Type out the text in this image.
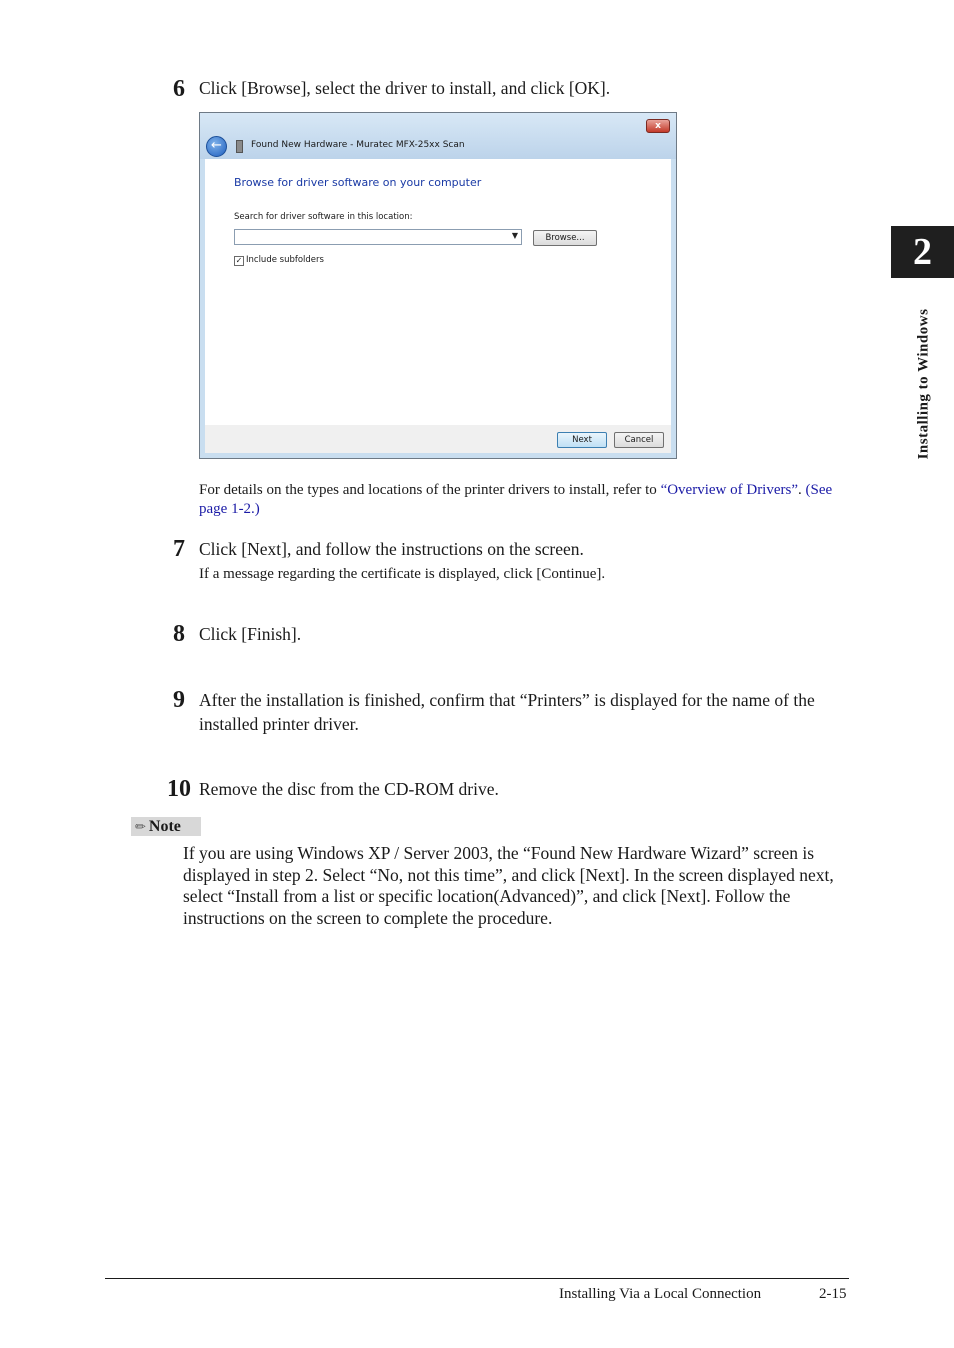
2
Installing to Windows
6 Click [Browse], select the driver to install, and click [OK].
x
←	Found New Hardware - Muratec MFX-25xx Scan
Browse for driver software on your computer
Search for driver software in this location:
▼	Browse...
✓ Include subfolders
Next	Cancel
For details on the types and locations of the printer drivers to install, refer to “Overview of Drivers”. (See page 1-2.)
7 Click [Next], and follow the instructions on the screen.
If a message regarding the certificate is displayed, click [Continue].
8 Click [Finish].
9 After the installation is finished, confirm that “Printers” is displayed for the name of the installed printer driver.
10 Remove the disc from the CD-ROM drive.
✏ Note
If you are using Windows XP / Server 2003, the “Found New Hardware Wizard” screen is displayed in step 2. Select “No, not this time”, and click [Next]. In the screen displayed next, select “Install from a list or specific location(Advanced)”, and click [Next]. Follow the instructions on the screen to complete the procedure.
Installing Via a Local Connection	2-15
